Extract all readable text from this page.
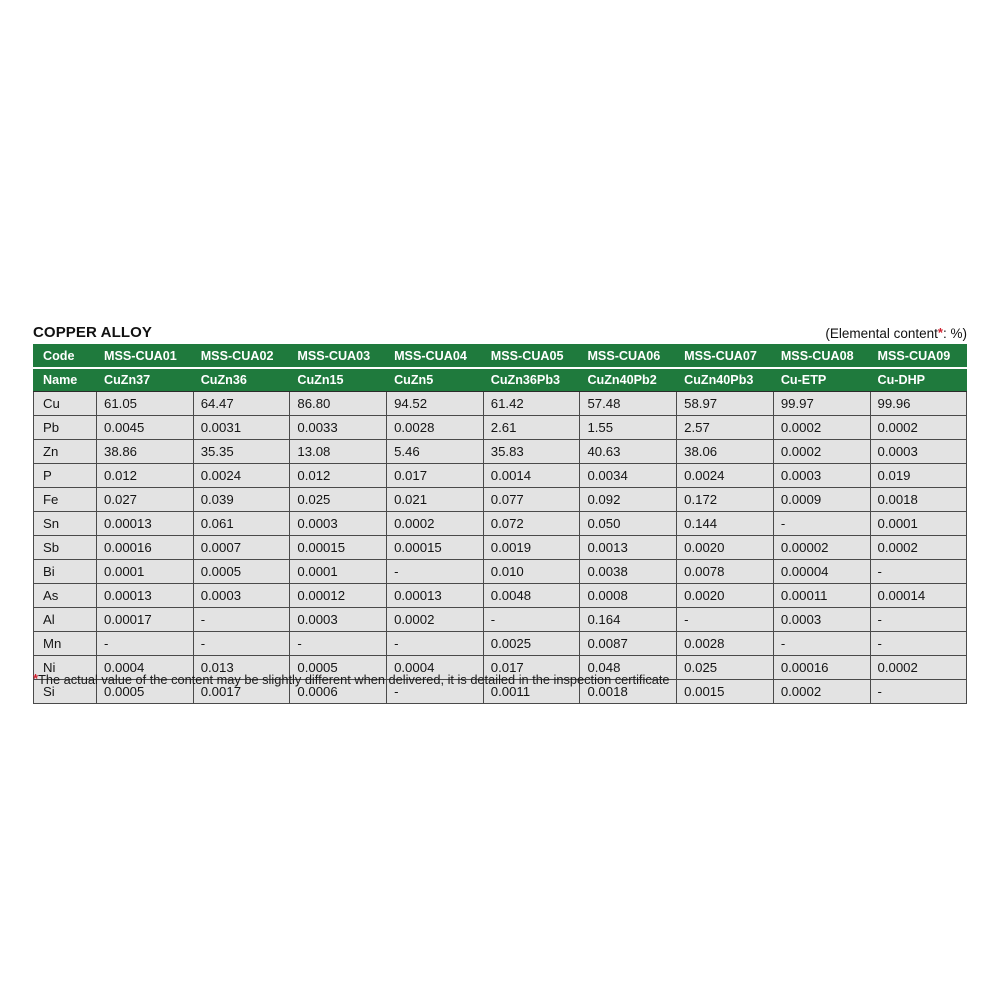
COPPER ALLOY	(Elemental content*: %)
Code	MSS-CUA01	MSS-CUA02	MSS-CUA03	MSS-CUA04	MSS-CUA05	MSS-CUA06	MSS-CUA07	MSS-CUA08	MSS-CUA09
Name	CuZn37	CuZn36	CuZn15	CuZn5	CuZn36Pb3	CuZn40Pb2	CuZn40Pb3	Cu-ETP	Cu-DHP
Cu	61.05	64.47	86.80	94.52	61.42	57.48	58.97	99.97	99.96
Pb	0.0045	0.0031	0.0033	0.0028	2.61	1.55	2.57	0.0002	0.0002
Zn	38.86	35.35	13.08	5.46	35.83	40.63	38.06	0.0002	0.0003
P	0.012	0.0024	0.012	0.017	0.0014	0.0034	0.0024	0.0003	0.019
Fe	0.027	0.039	0.025	0.021	0.077	0.092	0.172	0.0009	0.0018
Sn	0.00013	0.061	0.0003	0.0002	0.072	0.050	0.144	-	0.0001
Sb	0.00016	0.0007	0.00015	0.00015	0.0019	0.0013	0.0020	0.00002	0.0002
Bi	0.0001	0.0005	0.0001	-	0.010	0.0038	0.0078	0.00004	-
As	0.00013	0.0003	0.00012	0.00013	0.0048	0.0008	0.0020	0.00011	0.00014
Al	0.00017	-	0.0003	0.0002	-	0.164	-	0.0003	-
Mn	-	-	-	-	0.0025	0.0087	0.0028	-	-
Ni	0.0004	0.013	0.0005	0.0004	0.017	0.048	0.025	0.00016	0.0002
Si	0.0005	0.0017	0.0006	-	0.0011	0.0018	0.0015	0.0002	-
*The actual value of the content may be slightly different when delivered, it is detailed in the inspection certificate
